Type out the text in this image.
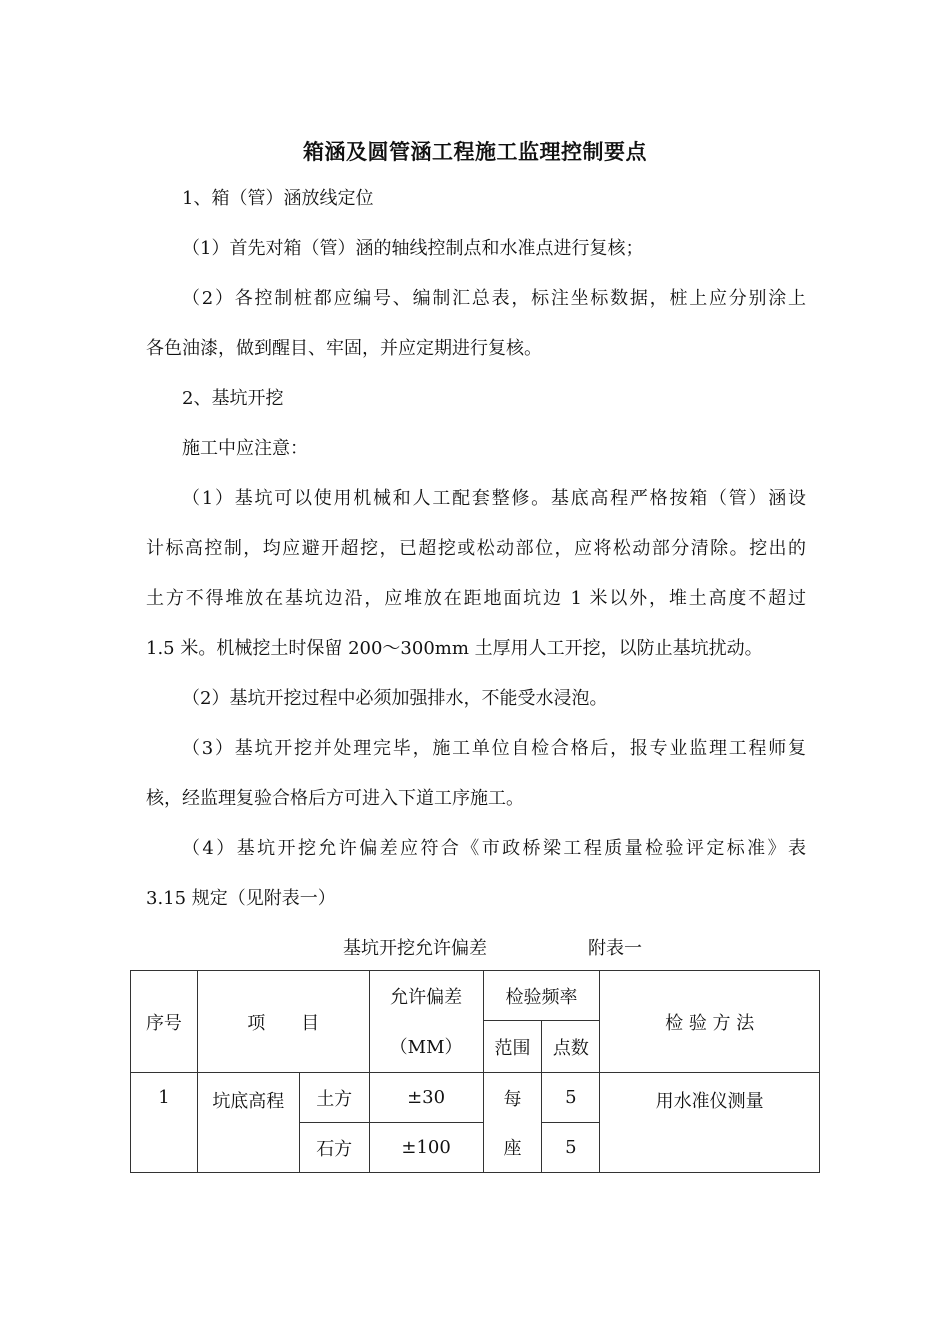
箱涵及圆管涵工程施工监理控制要点
1、箱（管）涵放线定位
（1）首先对箱（管）涵的轴线控制点和水准点进行复核；
（2）各控制桩都应编号、编制汇总表，标注坐标数据，桩上应分别涂上
各色油漆，做到醒目、牢固，并应定期进行复核。
2、基坑开挖
施工中应注意：
（1）基坑可以使用机械和人工配套整修。基底高程严格按箱（管）涵设
计标高控制，均应避开超挖，已超挖或松动部位，应将松动部分清除。挖出的
土方不得堆放在基坑边沿，应堆放在距地面坑边 1 米以外，堆土高度不超过
1.5 米。机械挖土时保留 200～300mm 土厚用人工开挖，以防止基坑扰动。
（2）基坑开挖过程中必须加强排水，不能受水浸泡。
（3）基坑开挖并处理完毕，施工单位自检合格后，报专业监理工程师复
核，经监理复验合格后方可进入下道工序施工。
（4）基坑开挖允许偏差应符合《市政桥梁工程质量检验评定标准》表
3.15 规定（见附表一）
基坑开挖允许偏差	附表一
序号	项　　目		允许偏差	检验频率		检 验 方 法
			（MM）	范围	点数	
1	坑底高程	土方	±30	每	5	用水准仪测量
		石方	±100	座	5	
